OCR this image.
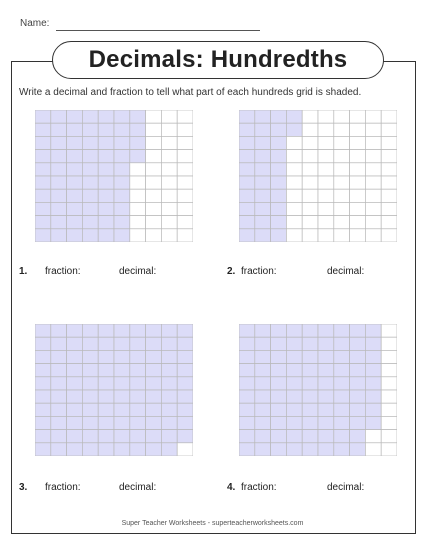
Name:
Decimals: Hundredths
Write a decimal and fraction to tell what part of each hundreds grid is shaded.
1. fraction:	decimal:	2. fraction:	decimal:
3. fraction:	decimal:	4. fraction:	decimal:
Super Teacher Worksheets - superteacherworksheets.com
